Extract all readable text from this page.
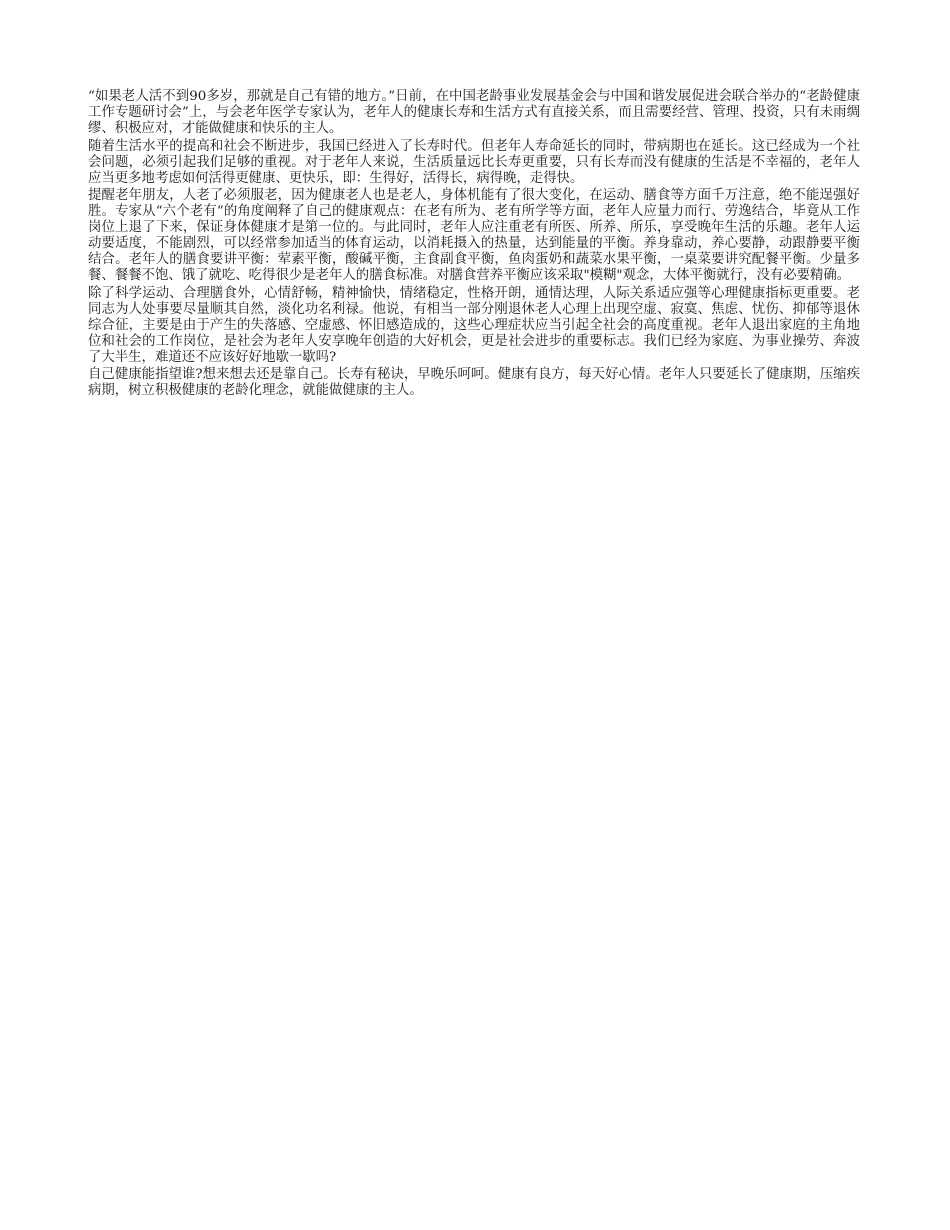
“如果老人活不到90多岁，那就是自己有错的地方。”日前，在中国老龄事业发展基金会与中国和谐发展促进会联合举办的“老龄健康工作专题研讨会”上，与会老年医学专家认为，老年人的健康长寿和生活方式有直接关系，而且需要经营、管理、投资，只有未雨绸缪、积极应对，才能做健康和快乐的主人。

随着生活水平的提高和社会不断进步，我国已经进入了长寿时代。但老年人寿命延长的同时，带病期也在延长。这已经成为一个社会问题，必须引起我们足够的重视。对于老年人来说，生活质量远比长寿更重要，只有长寿而没有健康的生活是不幸福的，老年人应当更多地考虑如何活得更健康、更快乐，即：生得好，活得长，病得晚，走得快。

提醒老年朋友，人老了必须服老，因为健康老人也是老人，身体机能有了很大变化，在运动、膳食等方面千万注意，绝不能逞强好胜。专家从“六个老有”的角度阐释了自己的健康观点：在老有所为、老有所学等方面，老年人应量力而行、劳逸结合，毕竟从工作岗位上退了下来，保证身体健康才是第一位的。与此同时，老年人应注重老有所医、所养、所乐，享受晚年生活的乐趣。老年人运动要适度，不能剧烈，可以经常参加适当的体育运动，以消耗摄入的热量，达到能量的平衡。养身靠动，养心要静，动跟静要平衡结合。老年人的膳食要讲平衡：荤素平衡，酸碱平衡，主食副食平衡，鱼肉蛋奶和蔬菜水果平衡，一桌菜要讲究配餐平衡。少量多餐、餐餐不饱、饿了就吃、吃得很少是老年人的膳食标准。对膳食营养平衡应该采取"模糊"观念，大体平衡就行，没有必要精确。

除了科学运动、合理膳食外，心情舒畅，精神愉快，情绪稳定，性格开朗，通情达理，人际关系适应强等心理健康指标更重要。老同志为人处事要尽量顺其自然，淡化功名利禄。他说，有相当一部分刚退休老人心理上出现空虚、寂寞、焦虑、忧伤、抑郁等退休综合征，主要是由于产生的失落感、空虚感、怀旧感造成的，这些心理症状应当引起全社会的高度重视。老年人退出家庭的主角地位和社会的工作岗位，是社会为老年人安享晚年创造的大好机会，更是社会进步的重要标志。我们已经为家庭、为事业操劳、奔波了大半生，难道还不应该好好地歇一歇吗?

自己健康能指望谁?想来想去还是靠自己。长寿有秘诀，早晚乐呵呵。健康有良方，每天好心情。老年人只要延长了健康期，压缩疾病期，树立积极健康的老龄化理念，就能做健康的主人。
